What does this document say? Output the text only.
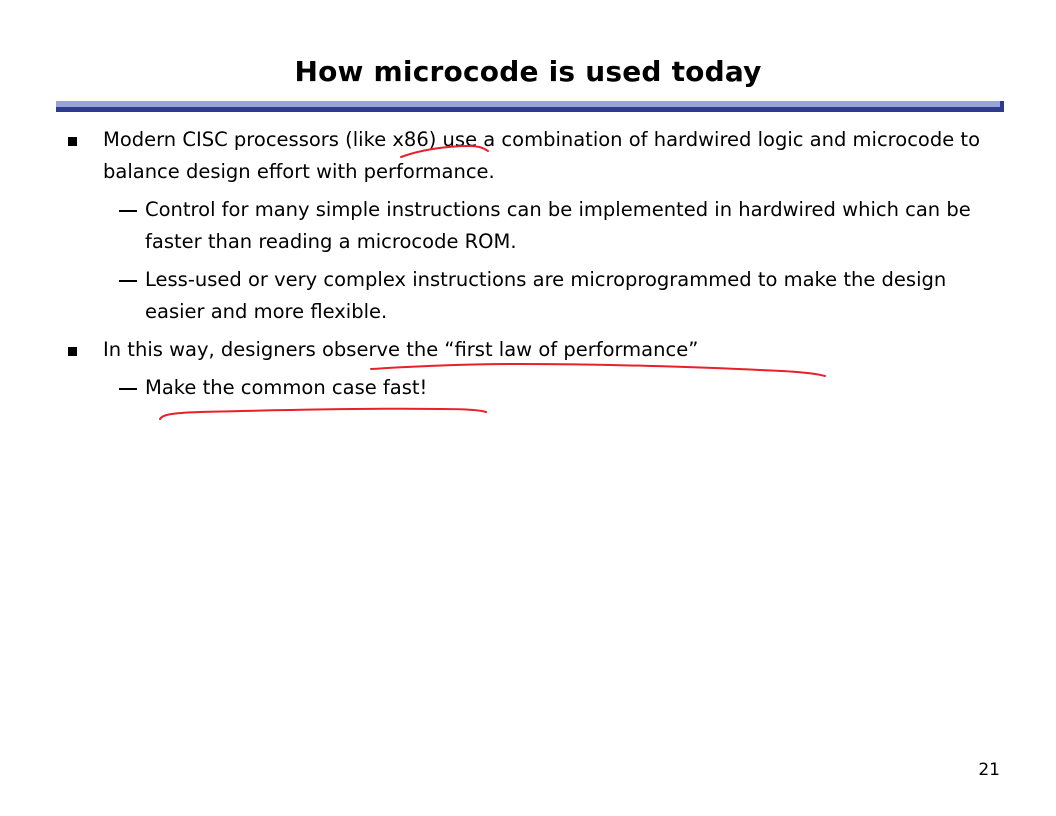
How microcode is used today
Modern CISC processors (like x86) use a combination of hardwired logic and microcode to balance design effort with performance.
Control for many simple instructions can be implemented in hardwired which can be faster than reading a microcode ROM.
Less-used or very complex instructions are microprogrammed to make the design easier and more flexible.
In this way, designers observe the “first law of performance”
Make the common case fast!
21
